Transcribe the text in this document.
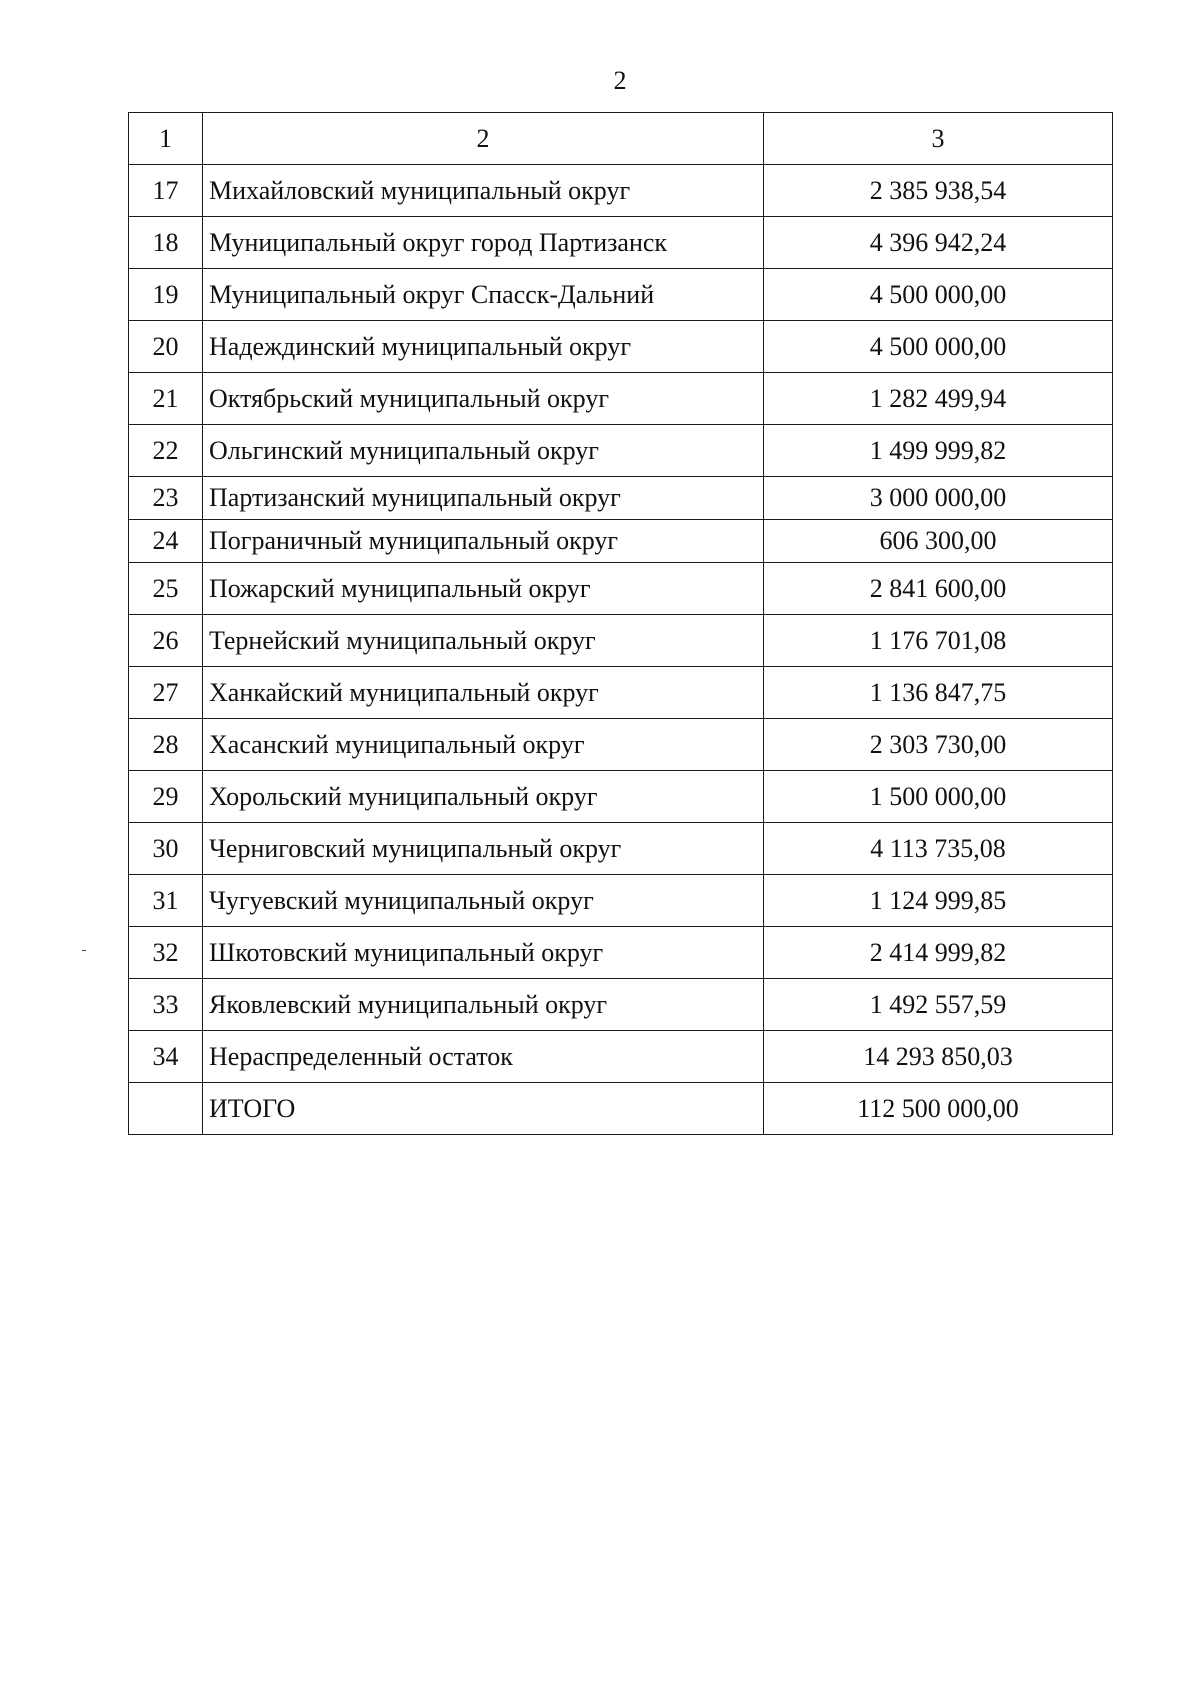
2
1	2	3
17	Михайловский муниципальный округ	2 385 938,54
18	Муниципальный округ город Партизанск	4 396 942,24
19	Муниципальный округ Спасск-Дальний	4 500 000,00
20	Надеждинский муниципальный округ	4 500 000,00
21	Октябрьский муниципальный округ	1 282 499,94
22	Ольгинский муниципальный округ	1 499 999,82
23	Партизанский муниципальный округ	3 000 000,00
24	Пограничный муниципальный округ	606 300,00
25	Пожарский муниципальный округ	2 841 600,00
26	Тернейский муниципальный округ	1 176 701,08
27	Ханкайский муниципальный округ	1 136 847,75
28	Хасанский муниципальный округ	2 303 730,00
29	Хорольский муниципальный округ	1 500 000,00
30	Черниговский муниципальный округ	4 113 735,08
31	Чугуевский муниципальный округ	1 124 999,85
32	Шкотовский муниципальный округ	2 414 999,82
33	Яковлевский муниципальный округ	1 492 557,59
34	Нераспределенный остаток	14 293 850,03
	ИТОГО	112 500 000,00
